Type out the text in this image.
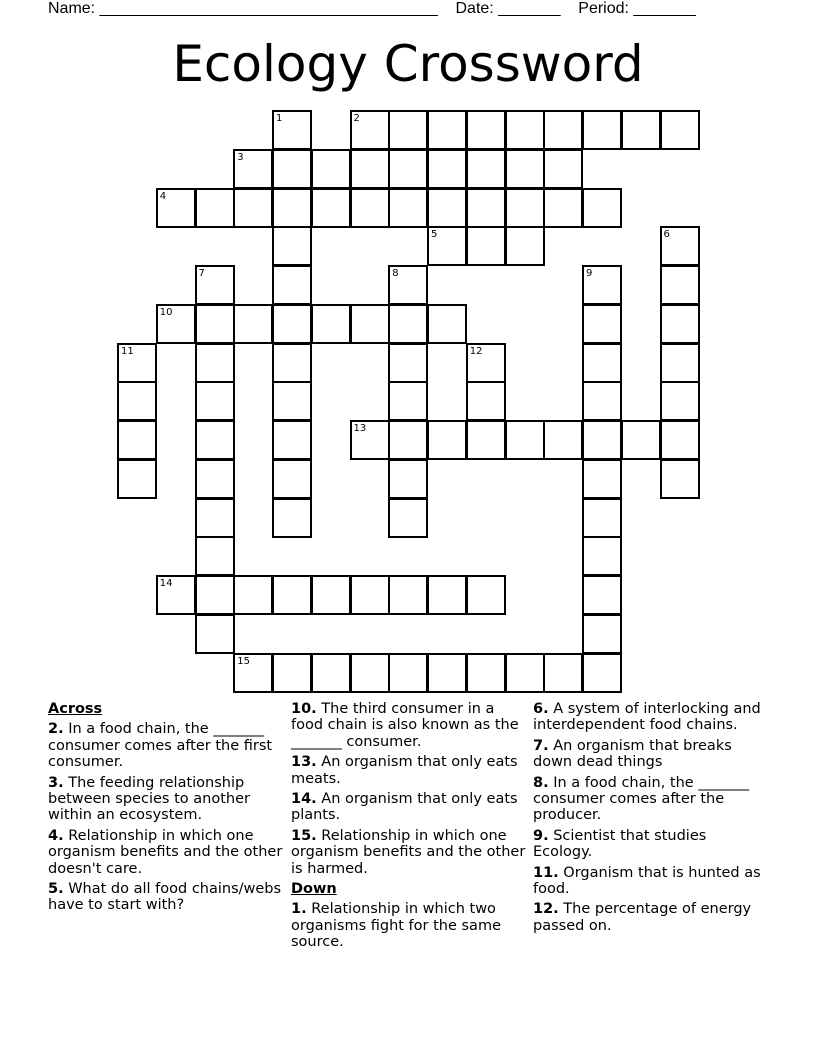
Name: ______________________________________ Date: _______ Period: _______
Ecology Crossword
1	2
3
4
5	6
7	8	9
10
11	12
13
14
15
Across
2. In a food chain, the _______ consumer comes after the first consumer.
3. The feeding relationship between species to another within an ecosystem.
4. Relationship in which one organism benefits and the other doesn't care.
5. What do all food chains/webs have to start with?
10. The third consumer in a food chain is also known as the _______ consumer.
13. An organism that only eats meats.
14. An organism that only eats plants.
15. Relationship in which one organism benefits and the other is harmed.
Down
1. Relationship in which two organisms fight for the same source.
6. A system of interlocking and interdependent food chains.
7. An organism that breaks down dead things
8. In a food chain, the _______ consumer comes after the producer.
9. Scientist that studies Ecology.
11. Organism that is hunted as food.
12. The percentage of energy passed on.
